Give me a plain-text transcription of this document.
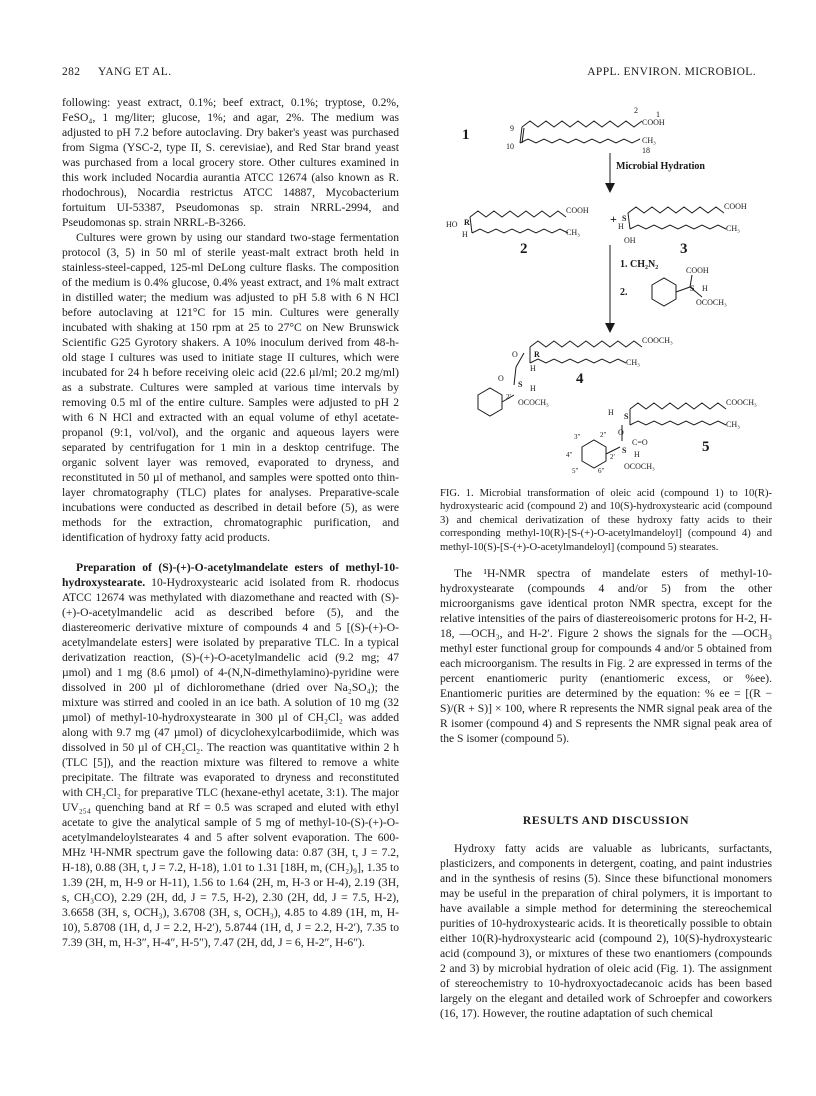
282 YANG ET AL.	APPL. ENVIRON. MICROBIOL.

following: yeast extract, 0.1%; beef extract, 0.1%; tryptose, 0.2%, FeSO₄, 1 mg/liter; glucose, 1%; and agar, 2%. The medium was adjusted to pH 7.2 before autoclaving. Dry baker's yeast was purchased from Sigma (YSC-2, type II, S. cerevisiae), and Red Star brand yeast was purchased from a local grocery store. Other cultures examined in this work included Nocardia aurantia ATCC 12674 (also known as R. rhodochrous), Nocardia restrictus ATCC 14887, Mycobacterium fortuitum UI-53387, Pseudomonas sp. strain NRRL-2994, and Pseudomonas sp. strain NRRL-B-3266.

Cultures were grown by using our standard two-stage fermentation protocol (3, 5) in 50 ml of sterile yeast-malt extract broth held in stainless-steel-capped, 125-ml DeLong culture flasks. The composition of the medium is 0.4% glucose, 0.4% yeast extract, and 1% malt extract in distilled water; the medium was adjusted to pH 5.8 with 6 N HCl before autoclaving at 121°C for 15 min. Cultures were generally incubated with shaking at 150 rpm at 25 to 27°C on New Brunswick Scientific G25 Gyrotory shakers. A 10% inoculum derived from 48-h-old stage I cultures was used to initiate stage II cultures, which were incubated for 24 h before receiving oleic acid (22.6 µl/ml; 20.2 mg/ml) as a substrate. Cultures were sampled at various time intervals by removing 0.5 ml of the entire culture. Samples were adjusted to pH 2 with 6 N HCl and extracted with an equal volume of ethyl acetate-propanol (9:1, vol/vol), and the organic and aqueous layers were separated by centrifugation for 1 min in a desktop centrifuge. The organic solvent layer was removed, evaporated to dryness, and reconstituted in 50 µl of methanol, and samples were spotted onto thin-layer chromatography (TLC) plates for analyses. Preparative-scale incubations were conducted as described in detail before (5), as were methods for the extraction, chromatographic purification, and identification of hydroxy fatty acid products.

Preparation of (S)-(+)-O-acetylmandelate esters of methyl-10-hydroxystearate. 10-Hydroxystearic acid isolated from R. rhodocus ATCC 12674 was methylated with diazomethane and reacted with (S)-(+)-O-acetylmandelic acid as described before (5), and the diastereomeric derivative mixture of compounds 4 and 5 [(S)-(+)-O-acetylmandelate esters] were isolated by preparative TLC. In a typical derivatization reaction, (S)-(+)-O-acetylmandelic acid (9.2 mg; 47 µmol) and 1 mg (8.6 µmol) of 4-(N,N-dimethylamino)-pyridine were dissolved in 200 µl of dichloromethane (dried over Na₂SO₄); the mixture was stirred and cooled in an ice bath. A solution of 10 mg (32 µmol) of methyl-10-hydroxystearate in 300 µl of CH₂Cl₂ was added along with 9.7 mg (47 µmol) of dicyclohexylcarbodiimide, which was dissolved in 50 µl of CH₂Cl₂. The reaction was quantitative within 2 h (TLC [5]), and the reaction mixture was filtered to remove a white precipitate. The filtrate was evaporated to dryness and reconstituted with CH₂Cl₂ for preparative TLC (hexane-ethyl acetate, 3:1). The major UV₂₅₄ quenching band at Rf = 0.5 was scraped and eluted with ethyl acetate to give the analytical sample of 5 mg of methyl-10-(S)-(+)-O-acetylmandeloylstearates 4 and 5 after solvent evaporation. The 600-MHz ¹H-NMR spectrum gave the following data: 0.87 (3H, t, J = 7.2, H-18), 0.88 (3H, t, J = 7.2, H-18), 1.01 to 1.31 [18H, m, (CH₂)₉], 1.35 to 1.39 (2H, m, H-9 or H-11), 1.56 to 1.64 (2H, m, H-3 or H-4), 2.19 (3H, s, CH₃CO), 2.29 (2H, dd, J = 7.5, H-2), 2.30 (2H, dd, J = 7.5, H-2), 3.6658 (3H, s, OCH₃), 3.6708 (3H, s, OCH₃), 4.85 to 4.89 (1H, m, H-10), 5.8708 (1H, d, J = 2.2, H-2′), 5.8744 (1H, d, J = 2.2, H-2′), 7.35 to 7.39 (3H, m, H-3″, H-4″, H-5″), 7.47 (2H, dd, J = 6, H-2″, H-6″).

1
2 1
COOH
9
10
CH₃
18
Microbial Hydration
COOH
CH₃
HO R
H
2
+
COOH
CH₃
S
H
OH
3
1. CH₂N₂
2.
COOH
S H
OCOCH₃
COOCH₃
CH₃
O R
H
O
S H
2′
OCOCH₃
4
COOCH₃
CH₃
H S
O
C=O
S H
2′
OCOCH₃
3″	2″
4″
5″	6″
5
FIG. 1. Microbial transformation of oleic acid (compound 1) to 10(R)-hydroxystearic acid (compound 2) and 10(S)-hydroxystearic acid (compound 3) and chemical derivatization of these hydroxy fatty acids to their corresponding methyl-10(R)-[S-(+)-O-acetylmandeloyl] (compound 4) and methyl-10(S)-[S-(+)-O-acetylmandeloyl] (compound 5) stearates.

The ¹H-NMR spectra of mandelate esters of methyl-10-hydroxystearate (compounds 4 and/or 5) from the other microorganisms gave identical proton NMR spectra, except for the relative intensities of the pairs of diastereoisomeric protons for H-2, H-18, —OCH₃, and H-2′. Figure 2 shows the signals for the —OCH₃ methyl ester functional group for compounds 4 and/or 5 obtained from each microorganism. The results in Fig. 2 are expressed in terms of the percent enantiomeric purity (enantiomeric excess, or %ee). Enantiomeric purities are determined by the equation: % ee = [(R − S)/(R + S)] × 100, where R represents the NMR signal peak area of the R isomer (compound 4) and S represents the NMR signal peak area of the S isomer (compound 5).

RESULTS AND DISCUSSION

Hydroxy fatty acids are valuable as lubricants, surfactants, plasticizers, and components in detergent, coating, and paint industries and in the synthesis of resins (5). Since these bifunctional monomers may be useful in the preparation of chiral polymers, it is important to have available a simple method for determining the stereochemical purities of 10-hydroxystearic acids. It is theoretically possible to obtain either 10(R)-hydroxystearic acid (compound 2), 10(S)-hydroxystearic acid (compound 3), or mixtures of these two enantiomers (compounds 2 and 3) by microbial hydration of oleic acid (Fig. 1). The assignment of stereochemistry to 10-hydroxyoctadecanoic acids has been based largely on the elegant and detailed work of Schroepfer and coworkers (16, 17). However, the routine adaptation of such chemical
